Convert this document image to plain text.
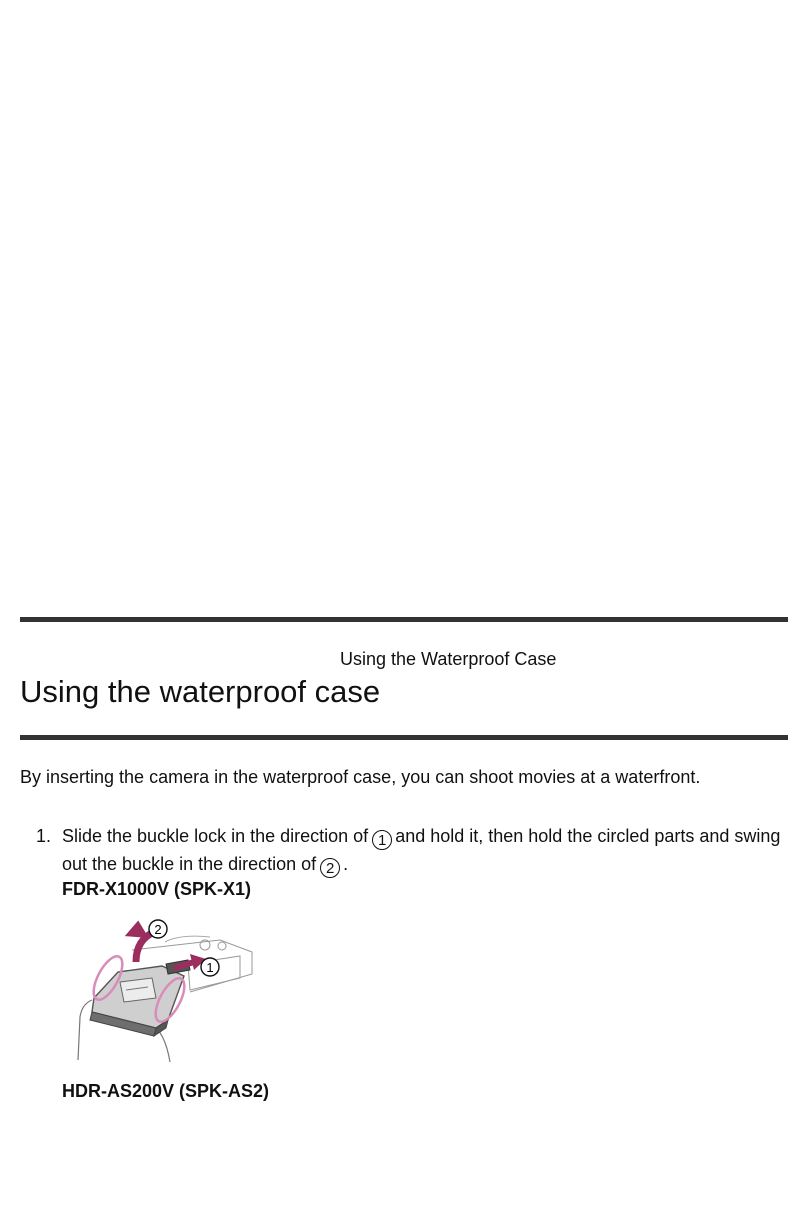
Using the Waterproof Case
Using the waterproof case

By inserting the camera in the waterproof case, you can shoot movies at a waterfront.

1. Slide the buckle lock in the direction of 1 and hold it, then hold the circled parts and swing out the buckle in the direction of 2 .
FDR-X1000V (SPK-X1)
2
1
HDR-AS200V (SPK-AS2)
